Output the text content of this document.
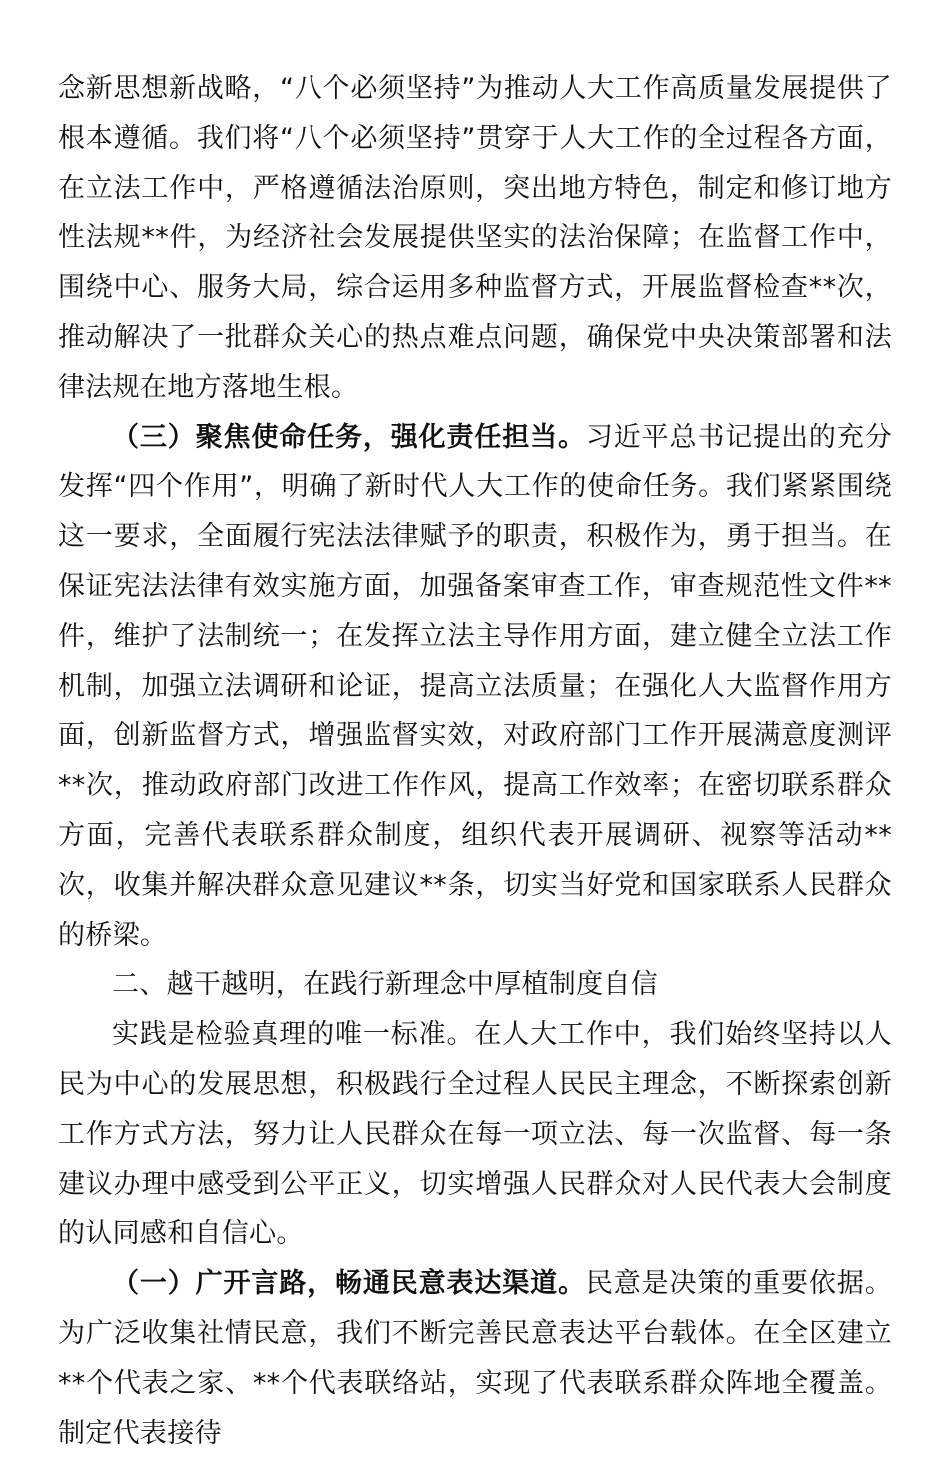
念新思想新战略，“八个必须坚持”为推动人大工作高质量发展提供了根本遵循。我们将“八个必须坚持”贯穿于人大工作的全过程各方面，在立法工作中，严格遵循法治原则，突出地方特色，制定和修订地方性法规**件，为经济社会发展提供坚实的法治保障；在监督工作中，围绕中心、服务大局，综合运用多种监督方式，开展监督检查**次，推动解决了一批群众关心的热点难点问题，确保党中央决策部署和法律法规在地方落地生根。

（三）聚焦使命任务，强化责任担当。习近平总书记提出的充分发挥“四个作用”，明确了新时代人大工作的使命任务。我们紧紧围绕这一要求，全面履行宪法法律赋予的职责，积极作为，勇于担当。在保证宪法法律有效实施方面，加强备案审查工作，审查规范性文件**件，维护了法制统一；在发挥立法主导作用方面，建立健全立法工作机制，加强立法调研和论证，提高立法质量；在强化人大监督作用方面，创新监督方式，增强监督实效，对政府部门工作开展满意度测评**次，推动政府部门改进工作作风，提高工作效率；在密切联系群众方面，完善代表联系群众制度，组织代表开展调研、视察等活动**次，收集并解决群众意见建议**条，切实当好党和国家联系人民群众的桥梁。

二、越干越明，在践行新理念中厚植制度自信

实践是检验真理的唯一标准。在人大工作中，我们始终坚持以人民为中心的发展思想，积极践行全过程人民民主理念，不断探索创新工作方式方法，努力让人民群众在每一项立法、每一次监督、每一条建议办理中感受到公平正义，切实增强人民群众对人民代表大会制度的认同感和自信心。

（一）广开言路，畅通民意表达渠道。民意是决策的重要依据。为广泛收集社情民意，我们不断完善民意表达平台载体。在全区建立**个代表之家、**个代表联络站，实现了代表联系群众阵地全覆盖。制定代表接待
